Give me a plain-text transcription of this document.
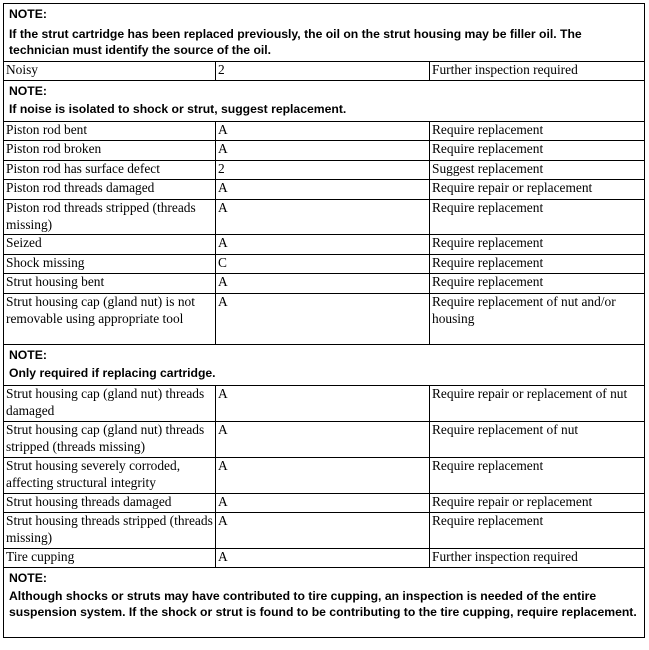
NOTE:
If the strut cartridge has been replaced previously, the oil on the strut housing may be filler oil. The technician must identify the source of the oil.		

Noisy	2	Further inspection required

NOTE:
If noise is isolated to shock or strut, suggest replacement.		

Piston rod bent	A	Require replacement
Piston rod broken	A	Require replacement
Piston rod has surface defect	2	Suggest replacement
Piston rod threads damaged	A	Require repair or replacement
Piston rod threads stripped (threads missing)	A	Require replacement
Seized	A	Require replacement
Shock missing	C	Require replacement
Strut housing bent	A	Require replacement
Strut housing cap (gland nut) is not removable using appropriate tool	A	Require replacement of nut and/or housing

NOTE:
Only required if replacing cartridge.		

Strut housing cap (gland nut) threads damaged	A	Require repair or replacement of nut
Strut housing cap (gland nut) threads stripped (threads missing)	A	Require replacement of nut
Strut housing severely corroded, affecting structural integrity	A	Require replacement
Strut housing threads damaged	A	Require repair or replacement
Strut housing threads stripped (threads missing)	A	Require replacement
Tire cupping	A	Further inspection required

NOTE:
Although shocks or struts may have contributed to tire cupping, an inspection is needed of the entire suspension system. If the shock or strut is found to be contributing to the tire cupping, require replacement.		
